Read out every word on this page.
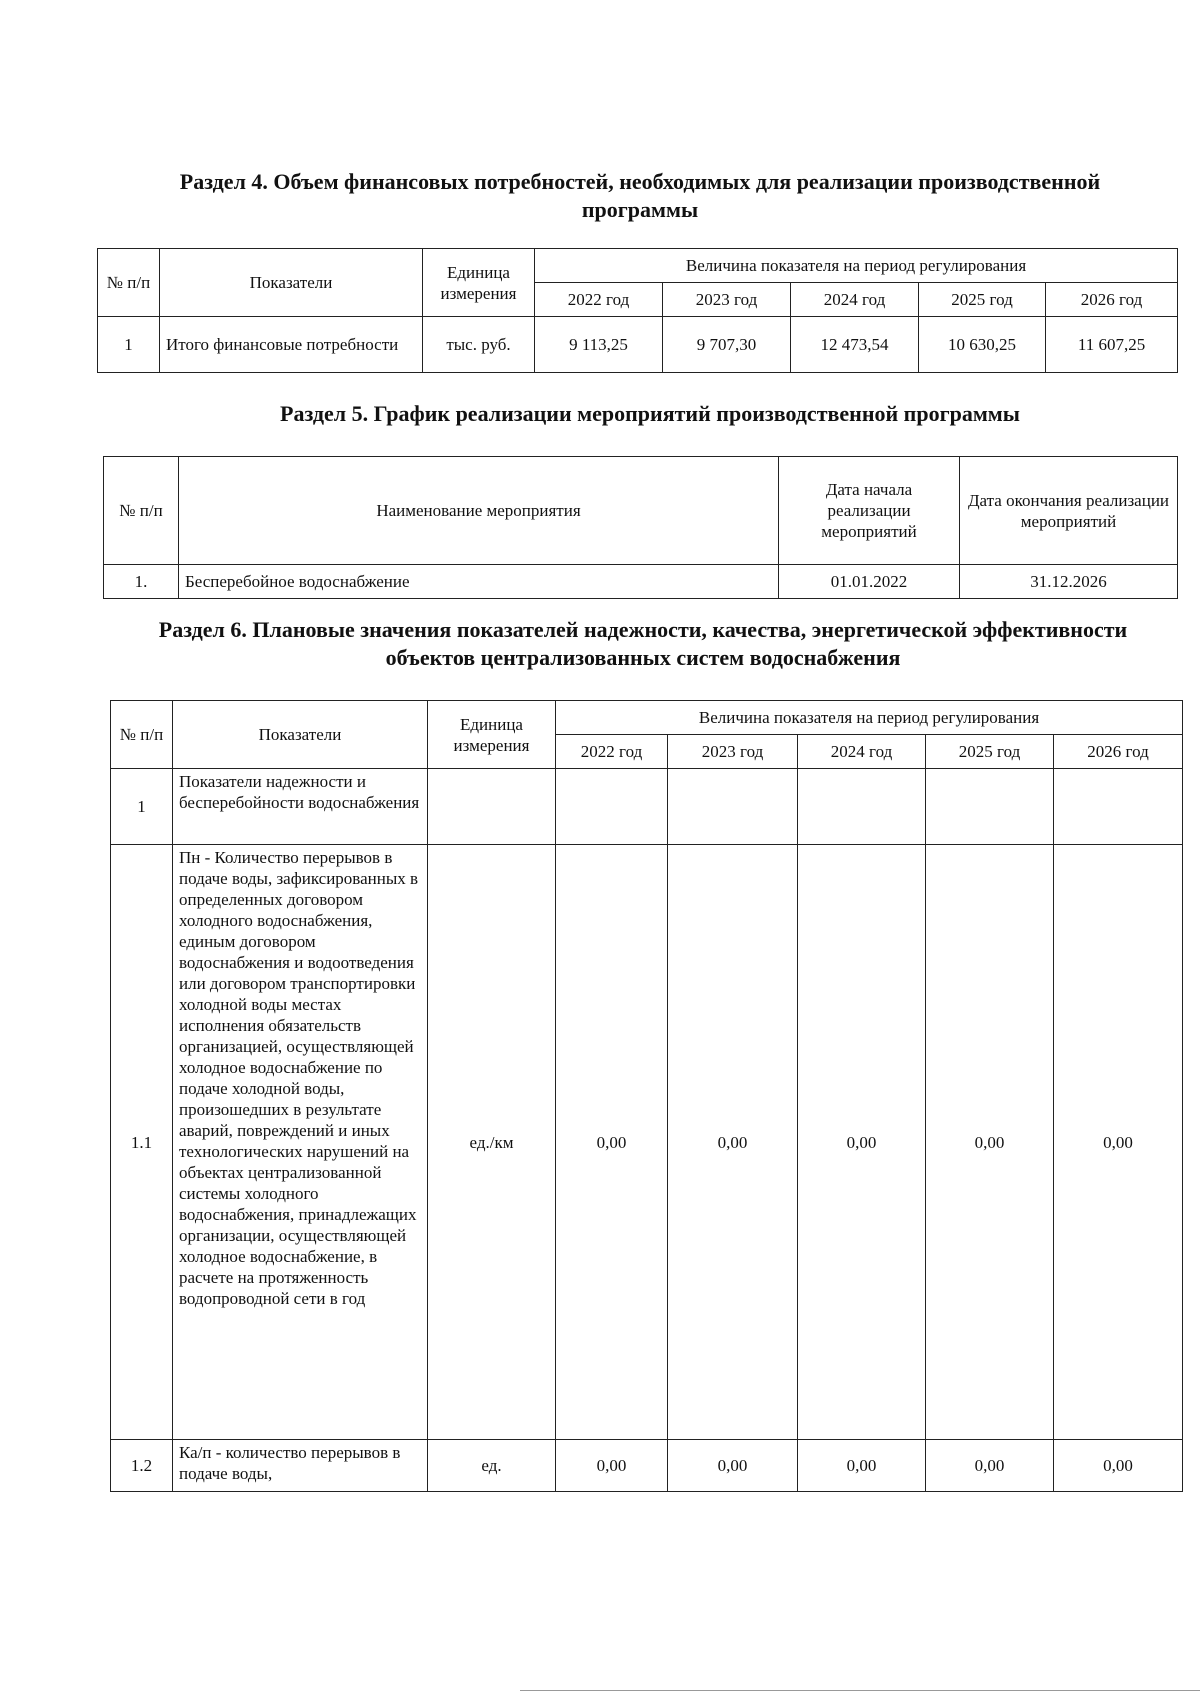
Раздел 4. Объем финансовых потребностей, необходимых для реализации производственной программы
№ п/п	Показатели	Единица измерения	Величина показателя на период регулирования				
			2022 год	2023 год	2024 год	2025 год	2026 год
1	Итого финансовые потребности	тыс. руб.	9 113,25	9 707,30	12 473,54	10 630,25	11 607,25
Раздел 5. График реализации мероприятий производственной программы
№ п/п	Наименование мероприятия	Дата начала реализации мероприятий	Дата окончания реализации мероприятий
1.	Бесперебойное водоснабжение	01.01.2022	31.12.2026
Раздел 6. Плановые значения показателей надежности, качества, энергетической эффективности объектов централизованных систем водоснабжения
№ п/п	Показатели	Единица измерения	Величина показателя на период регулирования				
			2022 год	2023 год	2024 год	2025 год	2026 год
1	Показатели надежности и бесперебойности водоснабжения						
1.1	Пн - Количество перерывов в подаче воды, зафиксированных в определенных договором холодного водоснабжения, единым договором водоснабжения и водоотведения или договором транспортировки холодной воды местах исполнения обязательств организацией, осуществляющей холодное водоснабжение по подаче холодной воды, произошедших в результате аварий, повреждений и иных технологических нарушений на объектах централизованной системы холодного водоснабжения, принадлежащих организации, осуществляющей холодное водоснабжение, в расчете на протяженность водопроводной сети в год	ед./км	0,00	0,00	0,00	0,00	0,00
1.2	Ка/п - количество перерывов в подаче воды,	ед.	0,00	0,00	0,00	0,00	0,00
